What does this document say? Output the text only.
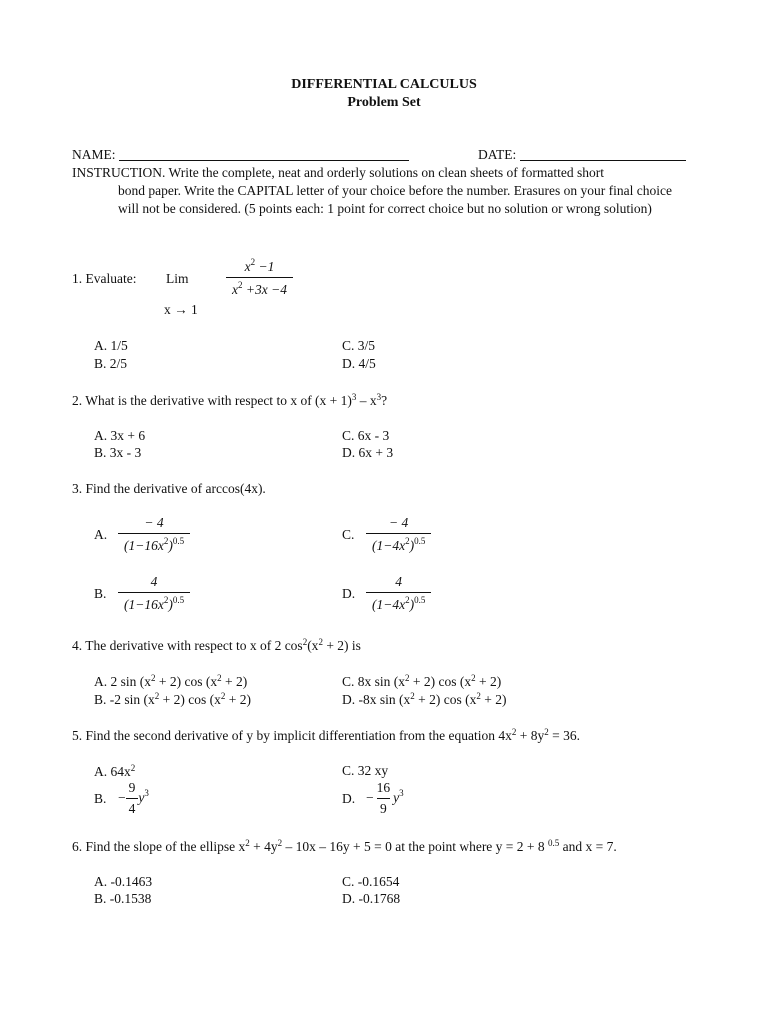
DIFFERENTIAL CALCULUS
Problem Set
NAME:	DATE:
INSTRUCTION. Write the complete, neat and orderly solutions on clean sheets of formatted short
bond paper. Write the CAPITAL letter of your choice before the number. Erasures on your final choice will not be considered. (5 points each: 1 point for correct choice but no solution or wrong solution)
1. Evaluate: Lim	$\frac{x^2 -1}{x^2 +3x -4}$
x → 1
A. 1/5
B. 2/5
C. 3/5
D. 4/5
2. What is the derivative with respect to x of $(x + 1)^3 - x^3$?
A. 3x + 6
B. 3x - 3
C. 6x - 3
D. 6x + 3
3. Find the derivative of arccos(4x).
A. $\frac{- 4}{(1-16x^2)^{0.5}}$	C. $\frac{- 4}{(1-4x^2)^{0.5}}$
B. $\frac{4}{(1-16x^2)^{0.5}}$	D. $\frac{4}{(1-4x^2)^{0.5}}$
4. The derivative with respect to x of 2 $\cos^2(x^2 + 2)$ is
A. 2 $\sin (x^2 + 2)$ $\cos (x^2 + 2)$
B. -2 $\sin (x^2 + 2)$ $\cos (x^2 + 2)$
C. 8x $\sin (x^2 + 2)$ $\cos (x^2 + 2)$
D. -8x $\sin (x^2 + 2)$ $\cos (x^2 + 2)$
5. Find the second derivative of y by implicit differentiation from the equation $4x^2 + 8y^2 = 36$.
A. $64x^2$	C. 32 xy
B. − $\frac{9}{4} y^3$	D. − $\frac{16}{9} y^3$
6. Find the slope of the ellipse $x^2 + 4y^2 - 10x - 16y + 5 = 0$ at the point where y = 2 + 8 $^{0.5}$ and x = 7.
A. -0.1463
B. -0.1538
C. -0.1654
D. -0.1768
